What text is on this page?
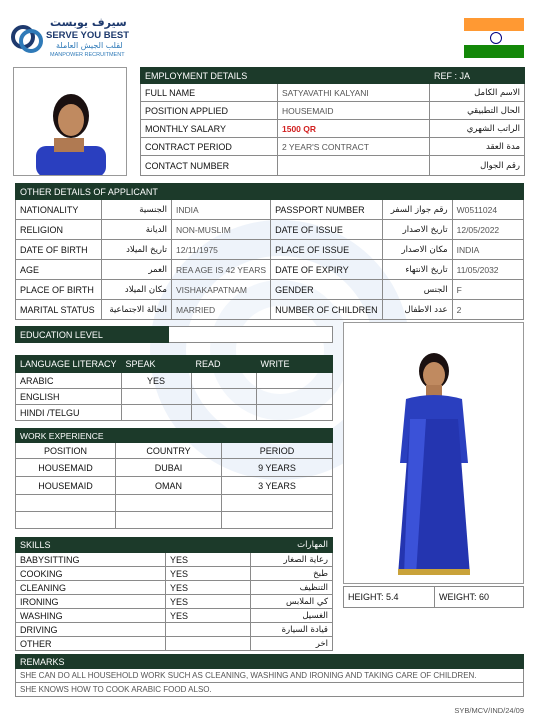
سيرف يوبست
SERVE YOU BEST
لقلب الجيش العاملة
MANPOWER RECRUITMENT
EMPLOYMENT DETAILS		REF : JA
FULL NAME	SATYAVATHI KALYANI	الاسم الكامل
POSITION APPLIED	HOUSEMAID	الحال التطبيقي
MONTHLY SALARY	1500 QR	الراتب الشهري
CONTRACT PERIOD	2 YEAR'S CONTRACT	مدة العقد
CONTACT NUMBER		رقم الجوال
OTHER DETAILS OF APPLICANT					
NATIONALITY	الجنسية	INDIA	PASSPORT NUMBER	رقم جواز السفر	W0511024
RELIGION	الديانة	NON-MUSLIM	DATE OF ISSUE	تاريخ الاصدار	12/05/2022
DATE OF BIRTH	تاريخ الميلاد	12/11/1975	PLACE OF ISSUE	مكان الاصدار	INDIA
AGE	العمر	REA AGE IS 42 YEARS	DATE OF EXPIRY	تاريخ الانتهاء	11/05/2032
PLACE OF BIRTH	مكان الميلاد	VISHAKAPATNAM	GENDER	الجنس	F
MARITAL STATUS	الحالة الاجتماعية	MARRIED	NUMBER OF CHILDREN	عدد الاطفال	2
EDUCATION LEVEL	
LANGUAGE LITERACY	SPEAK	READ	WRITE
ARABIC	YES		
ENGLISH			
HINDI /TELGU			
WORK EXPERIENCE		
POSITION	COUNTRY	PERIOD
HOUSEMAID	DUBAI	9 YEARS
HOUSEMAID	OMAN	3 YEARS

SKILLS		المهارات
BABYSITTING	YES	رعاية الصغار
COOKING	YES	طبخ
CLEANING	YES	التنظيف
IRONING	YES	كي الملابس
WASHING	YES	الغسيل
DRIVING		قيادة السيارة
OTHER		اخر
HEIGHT: 5.4	WEIGHT: 60
REMARKS
SHE CAN DO ALL HOUSEHOLD WORK SUCH AS CLEANING, WASHING AND IRONING AND TAKING CARE OF CHILDREN.
SHE KNOWS HOW TO COOK ARABIC FOOD ALSO.
SYB/MCV/IND/24/09
